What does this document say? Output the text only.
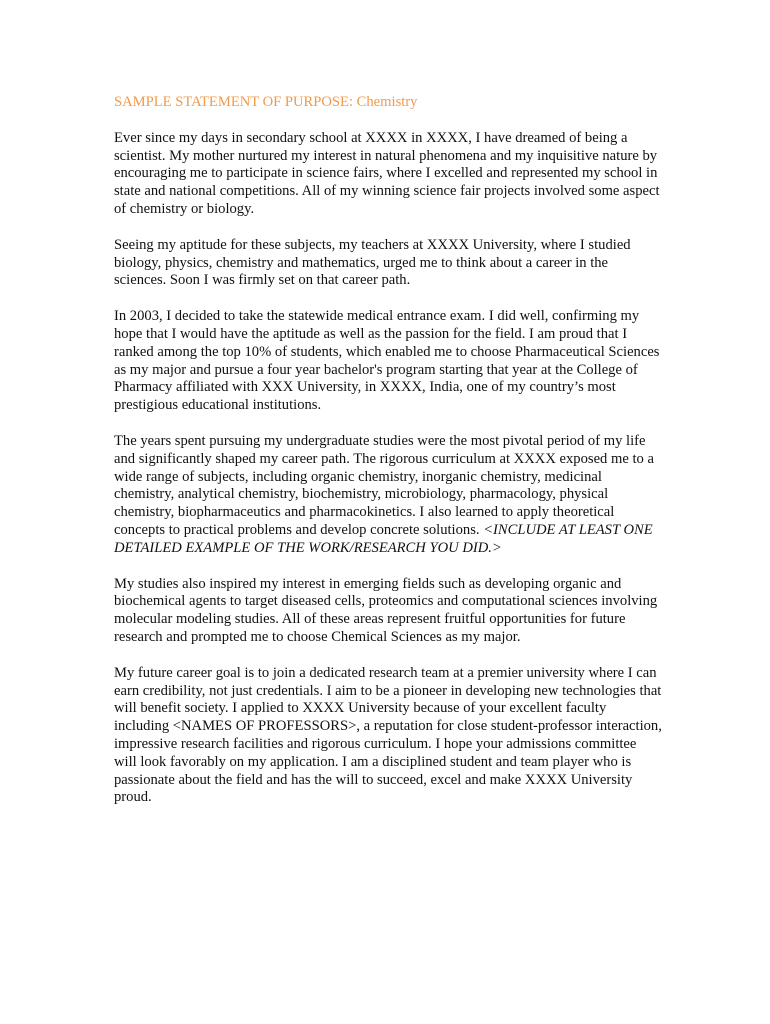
SAMPLE STATEMENT OF PURPOSE: Chemistry

Ever since my days in secondary school at XXXX in XXXX, I have dreamed of being a scientist. My mother nurtured my interest in natural phenomena and my inquisitive nature by encouraging me to participate in science fairs, where I excelled and represented my school in state and national competitions. All of my winning science fair projects involved some aspect of chemistry or biology.

Seeing my aptitude for these subjects, my teachers at XXXX University, where I studied biology, physics, chemistry and mathematics, urged me to think about a career in the sciences. Soon I was firmly set on that career path.

In 2003, I decided to take the statewide medical entrance exam. I did well, confirming my hope that I would have the aptitude as well as the passion for the field. I am proud that I ranked among the top 10% of students, which enabled me to choose Pharmaceutical Sciences as my major and pursue a four year bachelor's program starting that year at the College of Pharmacy affiliated with XXX University, in XXXX, India, one of my country’s most prestigious educational institutions.

The years spent pursuing my undergraduate studies were the most pivotal period of my life and significantly shaped my career path. The rigorous curriculum at XXXX exposed me to a wide range of subjects, including organic chemistry, inorganic chemistry, medicinal chemistry, analytical chemistry, biochemistry, microbiology, pharmacology, physical chemistry, biopharmaceutics and pharmacokinetics. I also learned to apply theoretical concepts to practical problems and develop concrete solutions. <INCLUDE AT LEAST ONE DETAILED EXAMPLE OF THE WORK/RESEARCH YOU DID.>

My studies also inspired my interest in emerging fields such as developing organic and biochemical agents to target diseased cells, proteomics and computational sciences involving molecular modeling studies. All of these areas represent fruitful opportunities for future research and prompted me to choose Chemical Sciences as my major.

My future career goal is to join a dedicated research team at a premier university where I can earn credibility, not just credentials. I aim to be a pioneer in developing new technologies that will benefit society. I applied to XXXX University because of your excellent faculty including <NAMES OF PROFESSORS>, a reputation for close student-professor interaction, impressive research facilities and rigorous curriculum. I hope your admissions committee will look favorably on my application. I am a disciplined student and team player who is passionate about the field and has the will to succeed, excel and make XXXX University proud.
